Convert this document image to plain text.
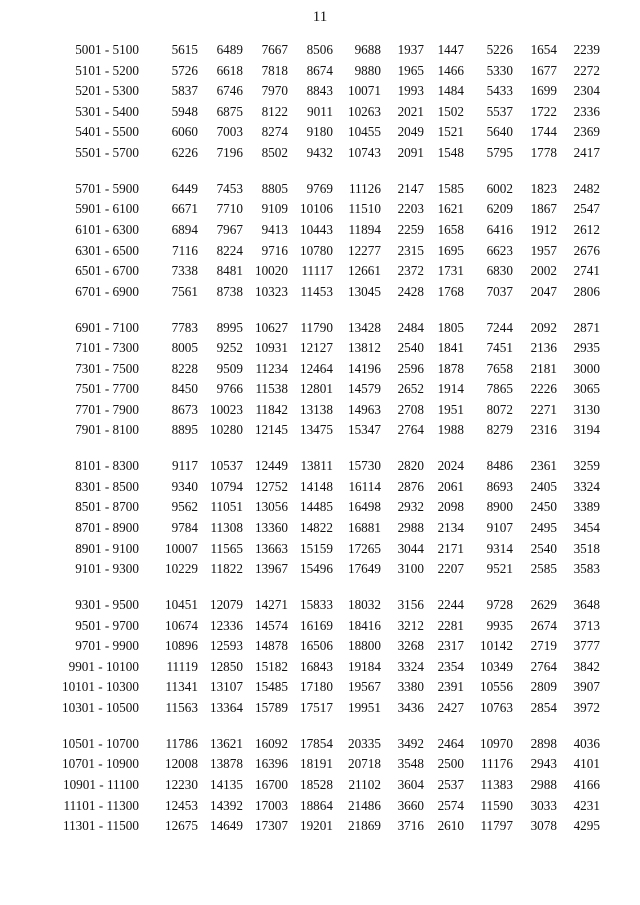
11
5001 - 5100	5615	6489	7667	8506	9688	1937	1447	5226	1654	2239
5101 - 5200	5726	6618	7818	8674	9880	1965	1466	5330	1677	2272
5201 - 5300	5837	6746	7970	8843	10071	1993	1484	5433	1699	2304
5301 - 5400	5948	6875	8122	9011	10263	2021	1502	5537	1722	2336
5401 - 5500	6060	7003	8274	9180	10455	2049	1521	5640	1744	2369
5501 - 5700	6226	7196	8502	9432	10743	2091	1548	5795	1778	2417

5701 - 5900	6449	7453	8805	9769	11126	2147	1585	6002	1823	2482
5901 - 6100	6671	7710	9109	10106	11510	2203	1621	6209	1867	2547
6101 - 6300	6894	7967	9413	10443	11894	2259	1658	6416	1912	2612
6301 - 6500	7116	8224	9716	10780	12277	2315	1695	6623	1957	2676
6501 - 6700	7338	8481	10020	11117	12661	2372	1731	6830	2002	2741
6701 - 6900	7561	8738	10323	11453	13045	2428	1768	7037	2047	2806

6901 - 7100	7783	8995	10627	11790	13428	2484	1805	7244	2092	2871
7101 - 7300	8005	9252	10931	12127	13812	2540	1841	7451	2136	2935
7301 - 7500	8228	9509	11234	12464	14196	2596	1878	7658	2181	3000
7501 - 7700	8450	9766	11538	12801	14579	2652	1914	7865	2226	3065
7701 - 7900	8673	10023	11842	13138	14963	2708	1951	8072	2271	3130
7901 - 8100	8895	10280	12145	13475	15347	2764	1988	8279	2316	3194

8101 - 8300	9117	10537	12449	13811	15730	2820	2024	8486	2361	3259
8301 - 8500	9340	10794	12752	14148	16114	2876	2061	8693	2405	3324
8501 - 8700	9562	11051	13056	14485	16498	2932	2098	8900	2450	3389
8701 - 8900	9784	11308	13360	14822	16881	2988	2134	9107	2495	3454
8901 - 9100	10007	11565	13663	15159	17265	3044	2171	9314	2540	3518
9101 - 9300	10229	11822	13967	15496	17649	3100	2207	9521	2585	3583

9301 - 9500	10451	12079	14271	15833	18032	3156	2244	9728	2629	3648
9501 - 9700	10674	12336	14574	16169	18416	3212	2281	9935	2674	3713
9701 - 9900	10896	12593	14878	16506	18800	3268	2317	10142	2719	3777
9901 - 10100	11119	12850	15182	16843	19184	3324	2354	10349	2764	3842
10101 - 10300	11341	13107	15485	17180	19567	3380	2391	10556	2809	3907
10301 - 10500	11563	13364	15789	17517	19951	3436	2427	10763	2854	3972

10501 - 10700	11786	13621	16092	17854	20335	3492	2464	10970	2898	4036
10701 - 10900	12008	13878	16396	18191	20718	3548	2500	11176	2943	4101
10901 - 11100	12230	14135	16700	18528	21102	3604	2537	11383	2988	4166
11101 - 11300	12453	14392	17003	18864	21486	3660	2574	11590	3033	4231
11301 - 11500	12675	14649	17307	19201	21869	3716	2610	11797	3078	4295
